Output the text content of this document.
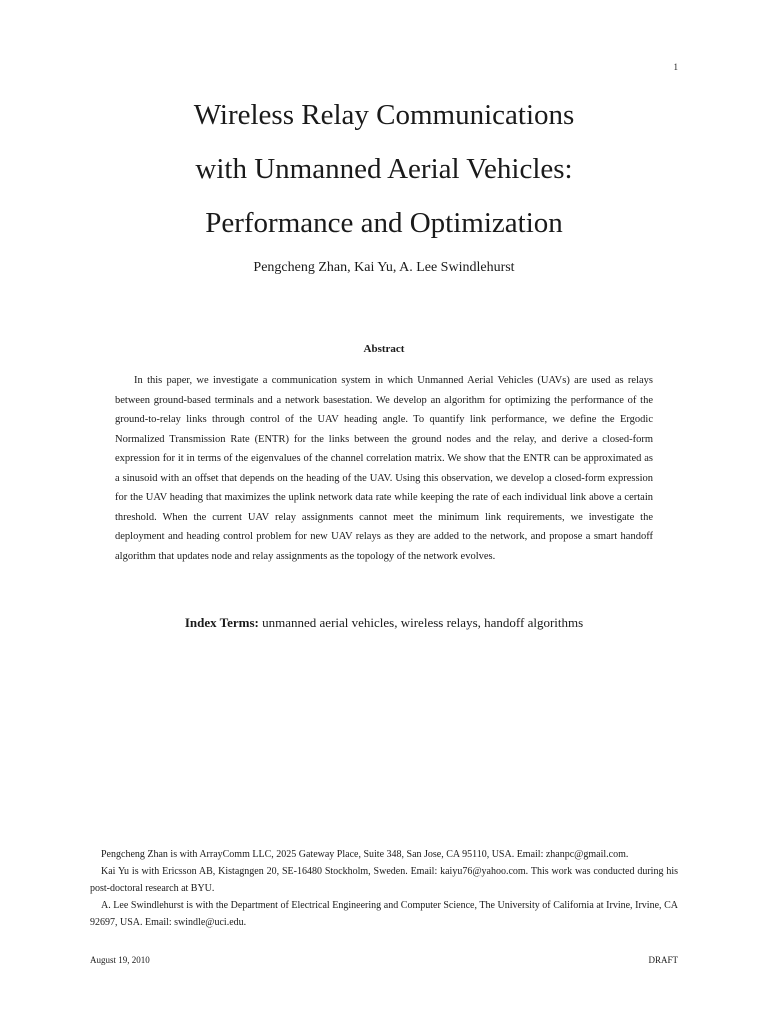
1
Wireless Relay Communications
with Unmanned Aerial Vehicles:
Performance and Optimization
Pengcheng Zhan, Kai Yu, A. Lee Swindlehurst
Abstract

In this paper, we investigate a communication system in which Unmanned Aerial Vehicles (UAVs) are used as relays between ground-based terminals and a network basestation. We develop an algorithm for optimizing the performance of the ground-to-relay links through control of the UAV heading angle. To quantify link performance, we define the Ergodic Normalized Transmission Rate (ENTR) for the links between the ground nodes and the relay, and derive a closed-form expression for it in terms of the eigenvalues of the channel correlation matrix. We show that the ENTR can be approximated as a sinusoid with an offset that depends on the heading of the UAV. Using this observation, we develop a closed-form expression for the UAV heading that maximizes the uplink network data rate while keeping the rate of each individual link above a certain threshold. When the current UAV relay assignments cannot meet the minimum link requirements, we investigate the deployment and heading control problem for new UAV relays as they are added to the network, and propose a smart handoff algorithm that updates node and relay assignments as the topology of the network evolves.

Index Terms: unmanned aerial vehicles, wireless relays, handoff algorithms

Pengcheng Zhan is with ArrayComm LLC, 2025 Gateway Place, Suite 348, San Jose, CA 95110, USA. Email: zhanpc@gmail.com.

Kai Yu is with Ericsson AB, Kistagngen 20, SE-16480 Stockholm, Sweden. Email: kaiyu76@yahoo.com. This work was conducted during his post-doctoral research at BYU.

A. Lee Swindlehurst is with the Department of Electrical Engineering and Computer Science, The University of California at Irvine, Irvine, CA 92697, USA. Email: swindle@uci.edu.

August 19, 2010	DRAFT
